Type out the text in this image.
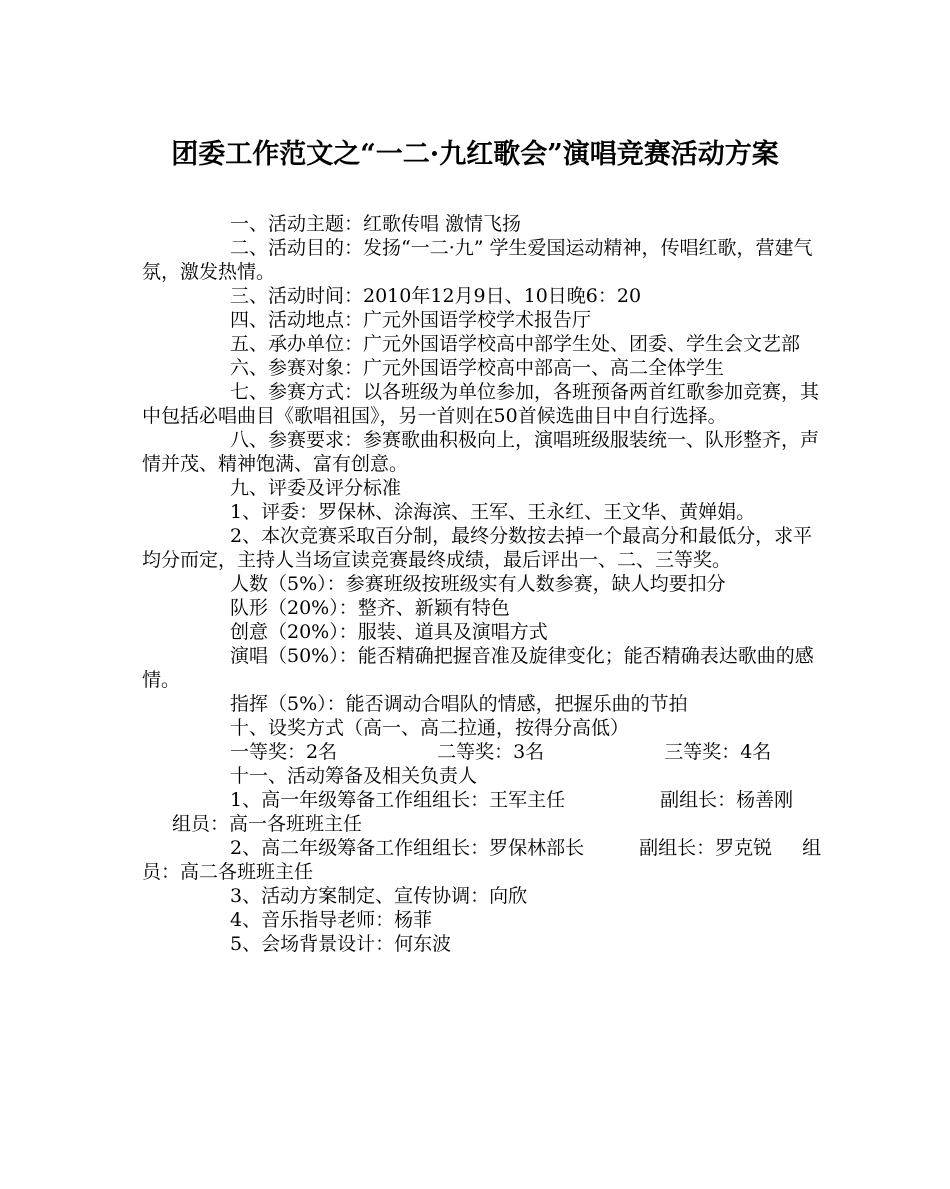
团委工作范文之“一二·九红歌会”演唱竞赛活动方案

一、活动主题：红歌传唱 激情飞扬

二、活动目的：发扬“一二·九” 学生爱国运动精神，传唱红歌，营建气氛，激发热情。

三、活动时间：2010年12月9日、10日晚6：20

四、活动地点：广元外国语学校学术报告厅

五、承办单位：广元外国语学校高中部学生处、团委、学生会文艺部

六、参赛对象：广元外国语学校高中部高一、高二全体学生

七、参赛方式：以各班级为单位参加，各班预备两首红歌参加竞赛，其中包括必唱曲目《歌唱祖国》，另一首则在50首候选曲目中自行选择。

八、参赛要求：参赛歌曲积极向上，演唱班级服装统一、队形整齐，声情并茂、精神饱满、富有创意。

九、评委及评分标准

1、评委：罗保林、涂海滨、王军、王永红、王文华、黄婵娟。

2、本次竞赛采取百分制，最终分数按去掉一个最高分和最低分，求平均分而定，主持人当场宣读竞赛最终成绩，最后评出一、二、三等奖。

人数（5%）：参赛班级按班级实有人数参赛，缺人均要扣分

队形（20%）：整齐、新颖有特色

创意（20%）：服装、道具及演唱方式

演唱（50%）：能否精确把握音准及旋律变化；能否精确表达歌曲的感情。

指挥（5%）：能否调动合唱队的情感，把握乐曲的节拍

十、设奖方式（高一、高二拉通，按得分高低）

一等奖：2名	二等奖：3名	三等奖：4名

十一、活动筹备及相关负责人

1、高一年级筹备工作组组长：王军主任	副组长：杨善刚组员：高一各班班主任

2、高二年级筹备工作组组长：罗保林部长	副组长：罗克锐 组员：高二各班班主任

3、活动方案制定、宣传协调：向欣

4、音乐指导老师：杨菲

5、会场背景设计：何东波
